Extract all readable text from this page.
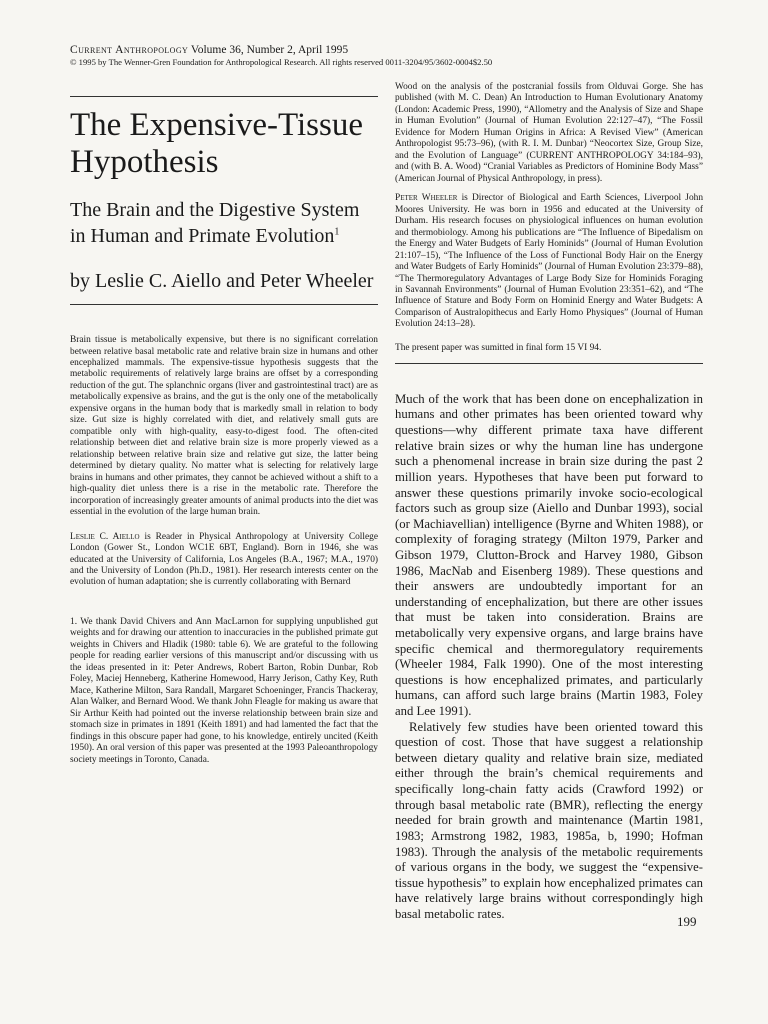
Current Anthropology Volume 36, Number 2, April 1995
© 1995 by The Wenner-Gren Foundation for Anthropological Research. All rights reserved 0011-3204/95/3602-0004$2.50
The Expensive-Tissue Hypothesis
The Brain and the Digestive System in Human and Primate Evolution$^1$
by Leslie C. Aiello and Peter Wheeler

Brain tissue is metabolically expensive, but there is no significant correlation between relative basal metabolic rate and relative brain size in humans and other encephalized mammals. The expensive-tissue hypothesis suggests that the metabolic requirements of relatively large brains are offset by a corresponding reduction of the gut. The splanchnic organs (liver and gastrointestinal tract) are as metabolically expensive as brains, and the gut is the only one of the metabolically expensive organs in the human body that is markedly small in relation to body size. Gut size is highly correlated with diet, and relatively small guts are compatible only with high-quality, easy-to-digest food. The often-cited relationship between diet and relative brain size is more properly viewed as a relationship between relative brain size and relative gut size, the latter being determined by dietary quality. No matter what is selecting for relatively large brains in humans and other primates, they cannot be achieved without a shift to a high-quality diet unless there is a rise in the metabolic rate. Therefore the incorporation of increasingly greater amounts of animal products into the diet was essential in the evolution of the large human brain.

Leslie C. Aiello is Reader in Physical Anthropology at University College London (Gower St., London WC1E 6BT, England). Born in 1946, she was educated at the University of California, Los Angeles (B.A., 1967; M.A., 1970) and the University of London (Ph.D., 1981). Her research interests center on the evolution of human adaptation; she is currently collaborating with Bernard

1. We thank David Chivers and Ann MacLarnon for supplying unpublished gut weights and for drawing our attention to inaccuracies in the published primate gut weights in Chivers and Hladik (1980: table 6). We are grateful to the following people for reading earlier versions of this manuscript and/or discussing with us the ideas presented in it: Peter Andrews, Robert Barton, Robin Dunbar, Rob Foley, Maciej Henneberg, Katherine Homewood, Harry Jerison, Cathy Key, Ruth Mace, Katherine Milton, Sara Randall, Margaret Schoeninger, Francis Thackeray, Alan Walker, and Bernard Wood. We thank John Fleagle for making us aware that Sir Arthur Keith had pointed out the inverse relationship between brain size and stomach size in primates in 1891 (Keith 1891) and had lamented the fact that the findings in this obscure paper had gone, to his knowledge, entirely uncited (Keith 1950). An oral version of this paper was presented at the 1993 Paleoanthropology society meetings in Toronto, Canada.

Wood on the analysis of the postcranial fossils from Olduvai Gorge. She has published (with M. C. Dean) An Introduction to Human Evolutionary Anatomy (London: Academic Press, 1990), “Allometry and the Analysis of Size and Shape in Human Evolution” (Journal of Human Evolution 22:127–47), “The Fossil Evidence for Modern Human Origins in Africa: A Revised View” (American Anthropologist 95:73–96), (with R. I. M. Dunbar) “Neocortex Size, Group Size, and the Evolution of Language” (CURRENT ANTHROPOLOGY 34:184–93), and (with B. A. Wood) “Cranial Variables as Predictors of Hominine Body Mass” (American Journal of Physical Anthropology, in press).

Peter Wheeler is Director of Biological and Earth Sciences, Liverpool John Moores University. He was born in 1956 and educated at the University of Durham. His research focuses on physiological influences on human evolution and thermobiology. Among his publications are “The Influence of Bipedalism on the Energy and Water Budgets of Early Hominids” (Journal of Human Evolution 21:107–15), “The Influence of the Loss of Functional Body Hair on the Energy and Water Budgets of Early Hominids” (Journal of Human Evolution 23:379–88), “The Thermoregulatory Advantages of Large Body Size for Hominids Foraging in Savannah Environments” (Journal of Human Evolution 23:351–62), and “The Influence of Stature and Body Form on Hominid Energy and Water Budgets: A Comparison of Australopithecus and Early Homo Physiques” (Journal of Human Evolution 24:13–28).

The present paper was sumitted in final form 15 VI 94.

Much of the work that has been done on encephalization in humans and other primates has been oriented toward why questions—why different primate taxa have different relative brain sizes or why the human line has undergone such a phenomenal increase in brain size during the past 2 million years. Hypotheses that have been put forward to answer these questions primarily invoke socio-ecological factors such as group size (Aiello and Dunbar 1993), social (or Machiavellian) intelligence (Byrne and Whiten 1988), or complexity of foraging strategy (Milton 1979, Parker and Gibson 1979, Clutton-Brock and Harvey 1980, Gibson 1986, MacNab and Eisenberg 1989). These questions and their answers are undoubtedly important for an understanding of encephalization, but there are other issues that must be taken into consideration. Brains are metabolically very expensive organs, and large brains have specific chemical and thermoregulatory requirements (Wheeler 1984, Falk 1990). One of the most interesting questions is how encephalized primates, and particularly humans, can afford such large brains (Martin 1983, Foley and Lee 1991).

Relatively few studies have been oriented toward this question of cost. Those that have suggest a relationship between dietary quality and relative brain size, mediated either through the brain’s chemical requirements and specifically long-chain fatty acids (Crawford 1992) or through basal metabolic rate (BMR), reflecting the energy needed for brain growth and maintenance (Martin 1981, 1983; Armstrong 1982, 1983, 1985a, b, 1990; Hofman 1983). Through the analysis of the metabolic requirements of various organs in the body, we suggest the “expensive-tissue hypothesis” to explain how encephalized primates can have relatively large brains without correspondingly high basal metabolic rates.

199
